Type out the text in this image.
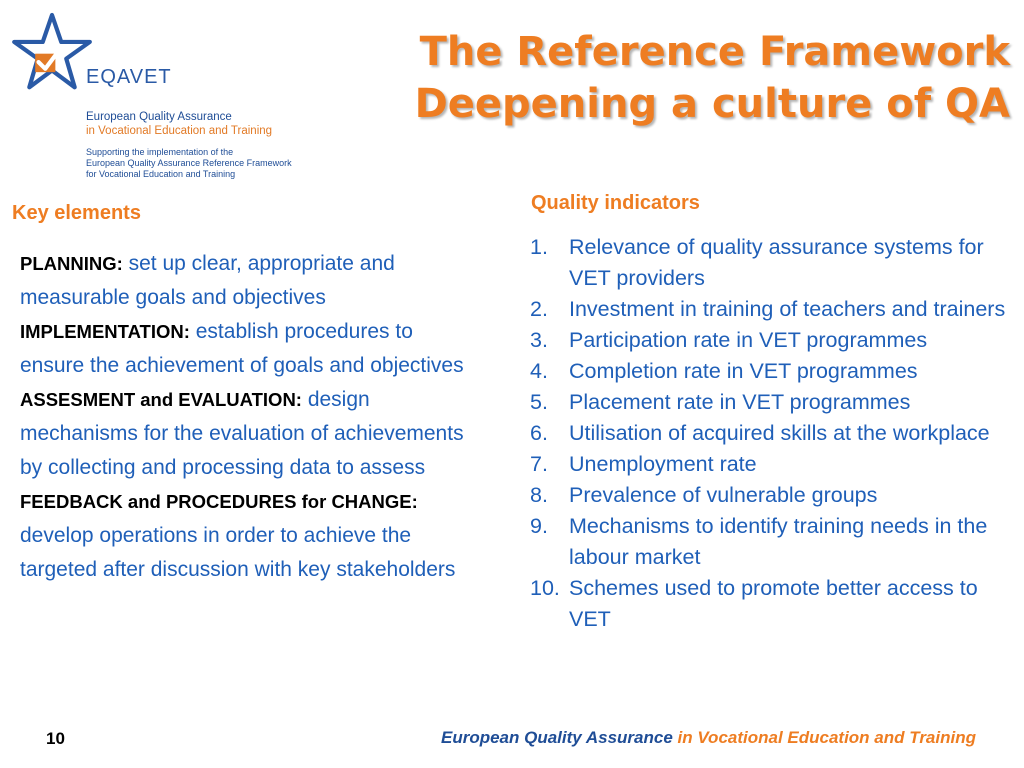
EQAVET
European Quality Assurance
in Vocational Education and Training
Supporting the implementation of the
European Quality Assurance Reference Framework
for Vocational Education and Training
The Reference Framework
Deepening a culture of QA
Key elements

PLANNING: set up clear, appropriate and measurable goals and objectives

IMPLEMENTATION: establish procedures to ensure the achievement of goals and objectives

ASSESMENT and EVALUATION: design mechanisms for the evaluation of achievements by collecting and processing data to assess

FEEDBACK and PROCEDURES for CHANGE: develop operations in order to achieve the targeted after discussion with key stakeholders

Quality indicators
1. Relevance of quality assurance systems for VET providers
2. Investment in training of teachers and trainers
3. Participation rate in VET programmes
4. Completion rate in VET programmes
5. Placement rate in VET programmes
6. Utilisation of acquired skills at the workplace
7. Unemployment rate
8. Prevalence of vulnerable groups
9. Mechanisms to identify training needs in the labour market
10. Schemes used to promote better access to VET
10	European Quality Assurance in Vocational Education and Training
